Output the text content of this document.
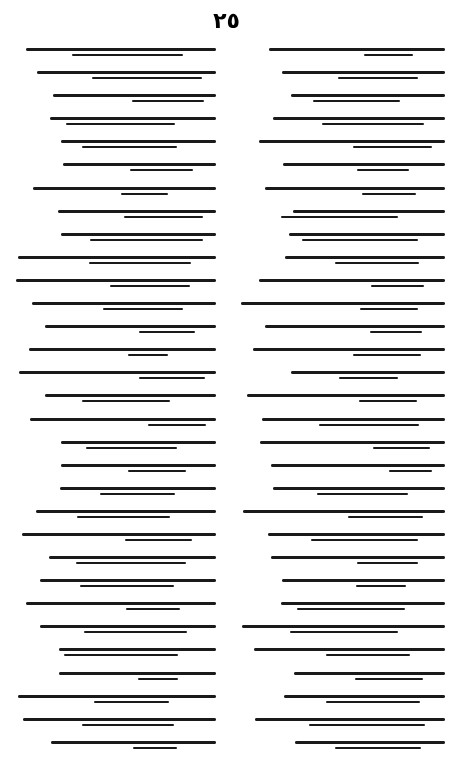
٢٥
